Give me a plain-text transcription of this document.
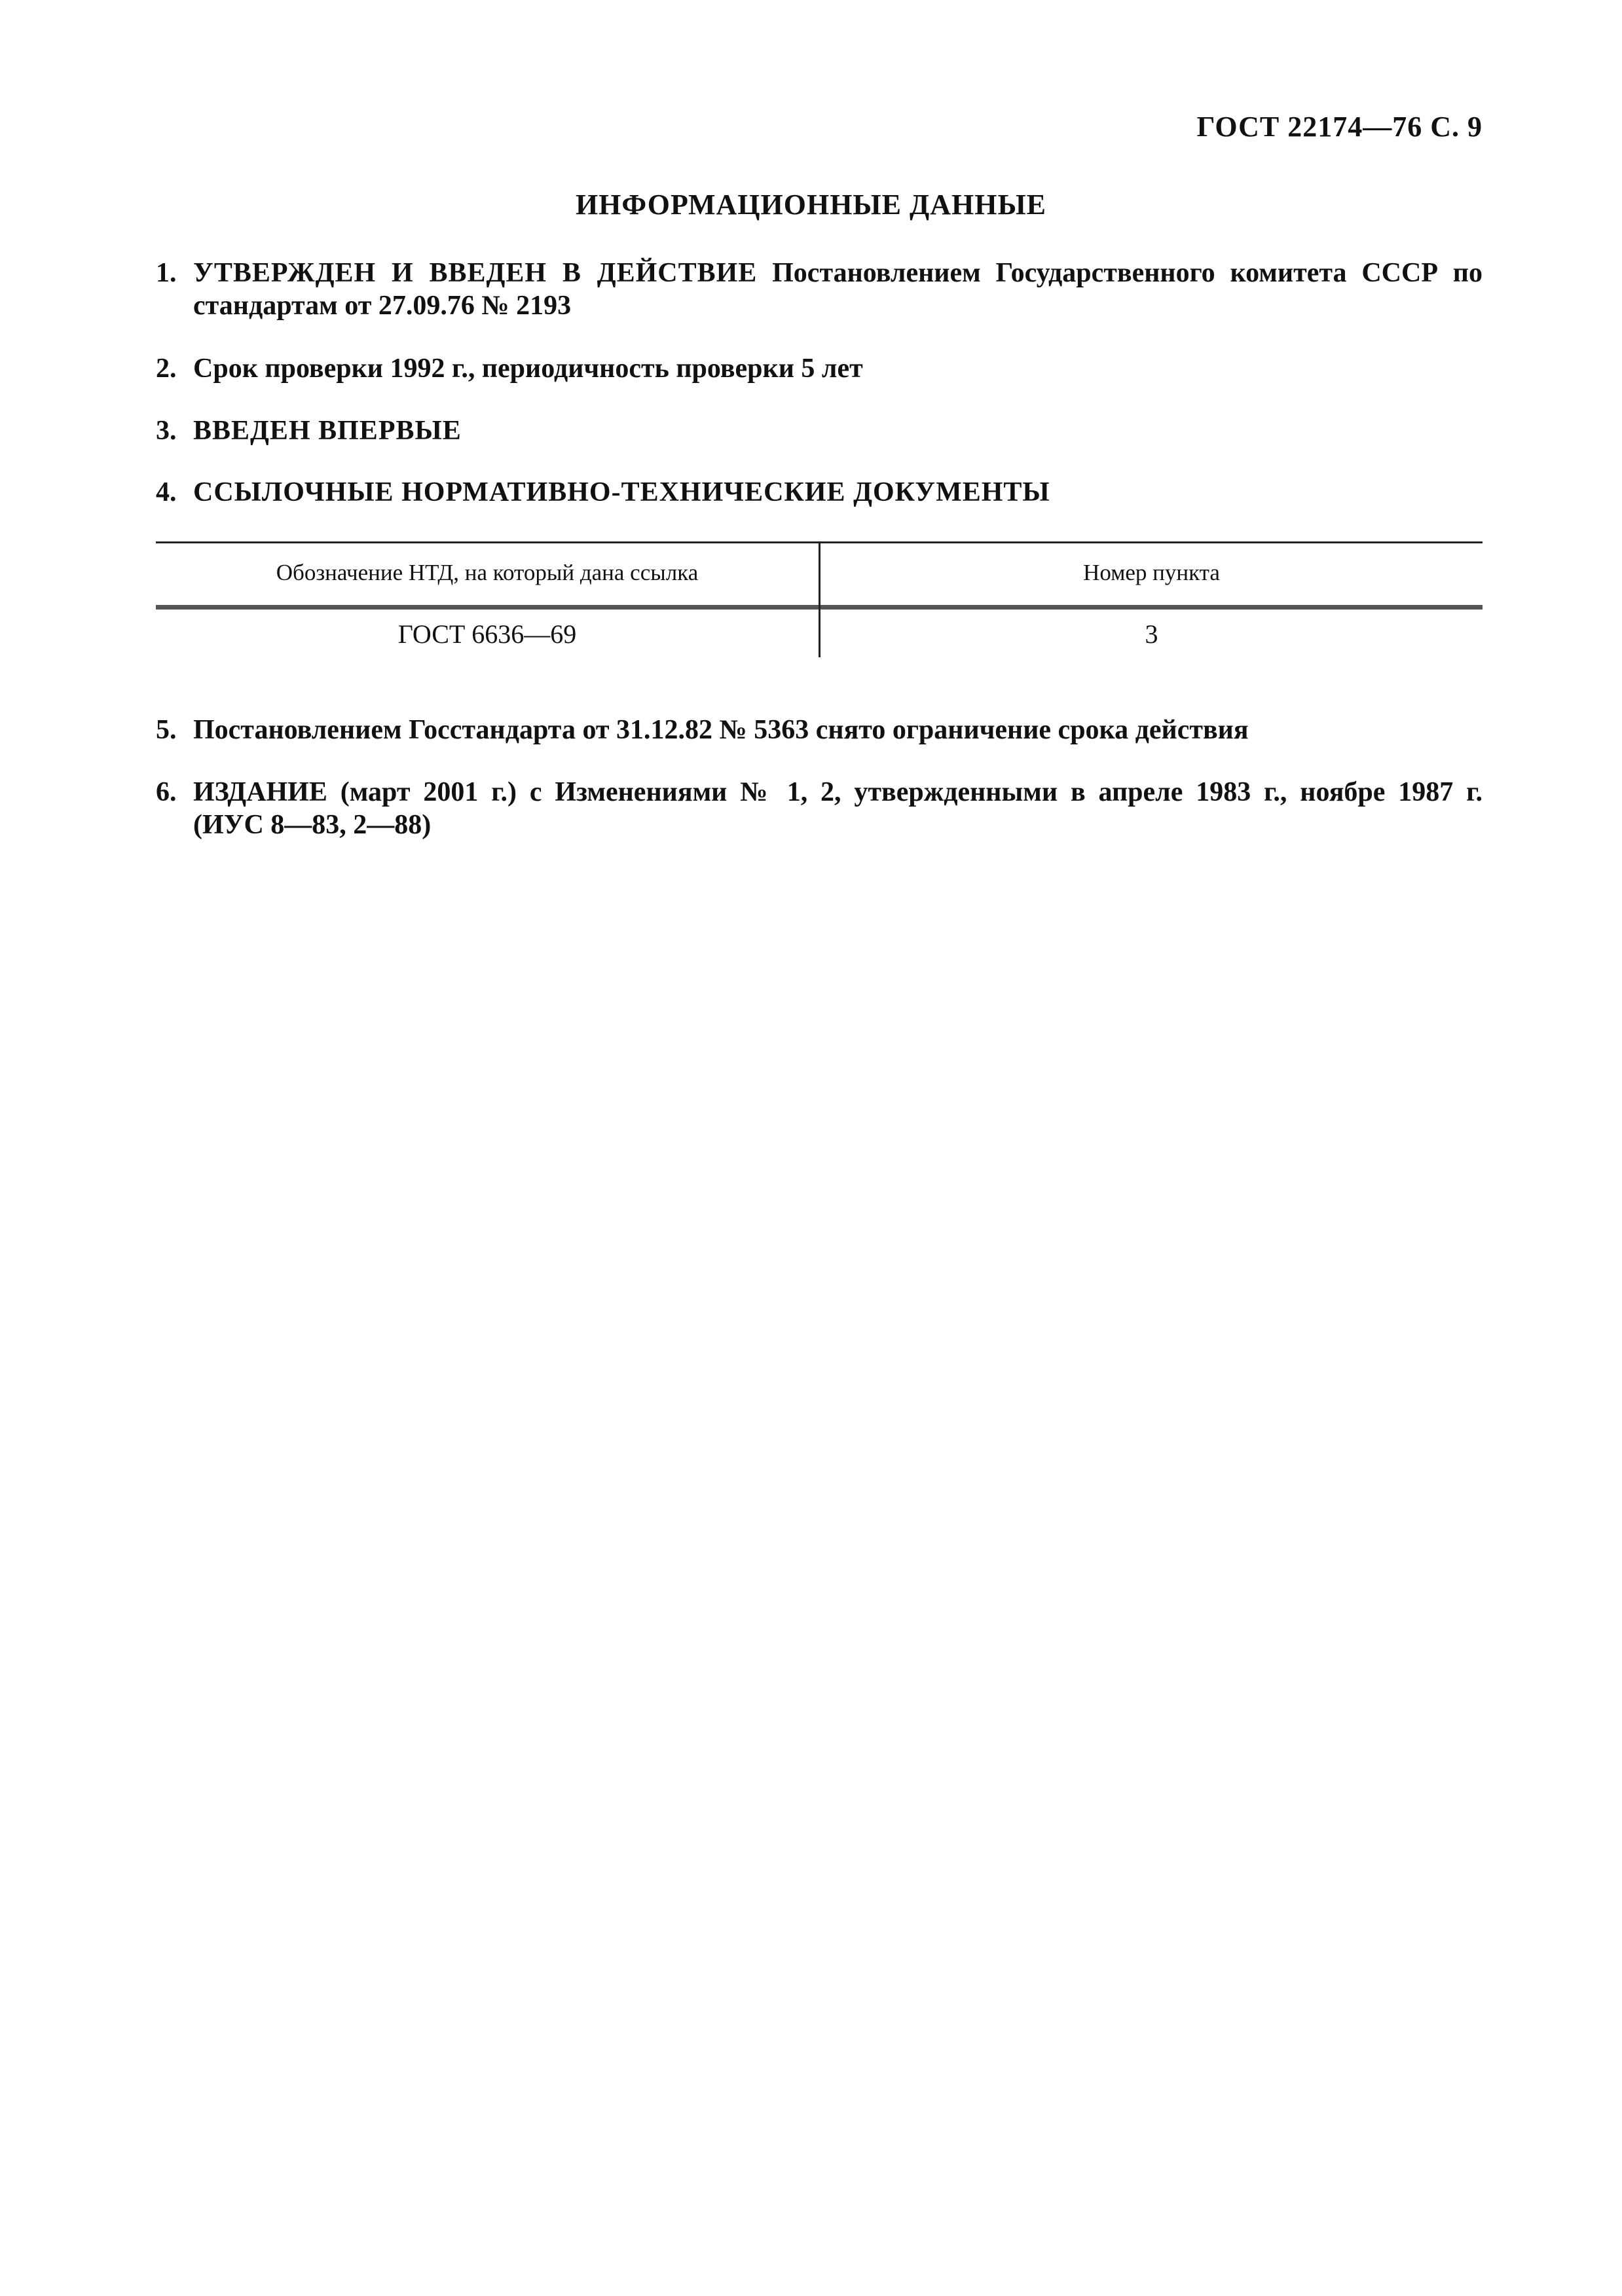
ГОСТ 22174—76 С. 9
ИНФОРМАЦИОННЫЕ ДАННЫЕ
1. УТВЕРЖДЕН И ВВЕДЕН В ДЕЙСТВИЕ Постановлением Государственного комитета СССР по
стандартам от 27.09.76 № 2193
2. Срок проверки 1992 г., периодичность проверки 5 лет
3. ВВЕДЕН ВПЕРВЫЕ
4. ССЫЛОЧНЫЕ НОРМАТИВНО-ТЕХНИЧЕСКИЕ ДОКУМЕНТЫ
Обозначение НТД, на который дана ссылка	Номер пункта
ГОСТ 6636—69	3
5. Постановлением Госстандарта от 31.12.82 № 5363 снято ограничение срока действия
6. ИЗДАНИЕ (март 2001 г.) с Изменениями № 1, 2, утвержденными в апреле 1983 г., ноябре 1987 г.
(ИУС 8—83, 2—88)
